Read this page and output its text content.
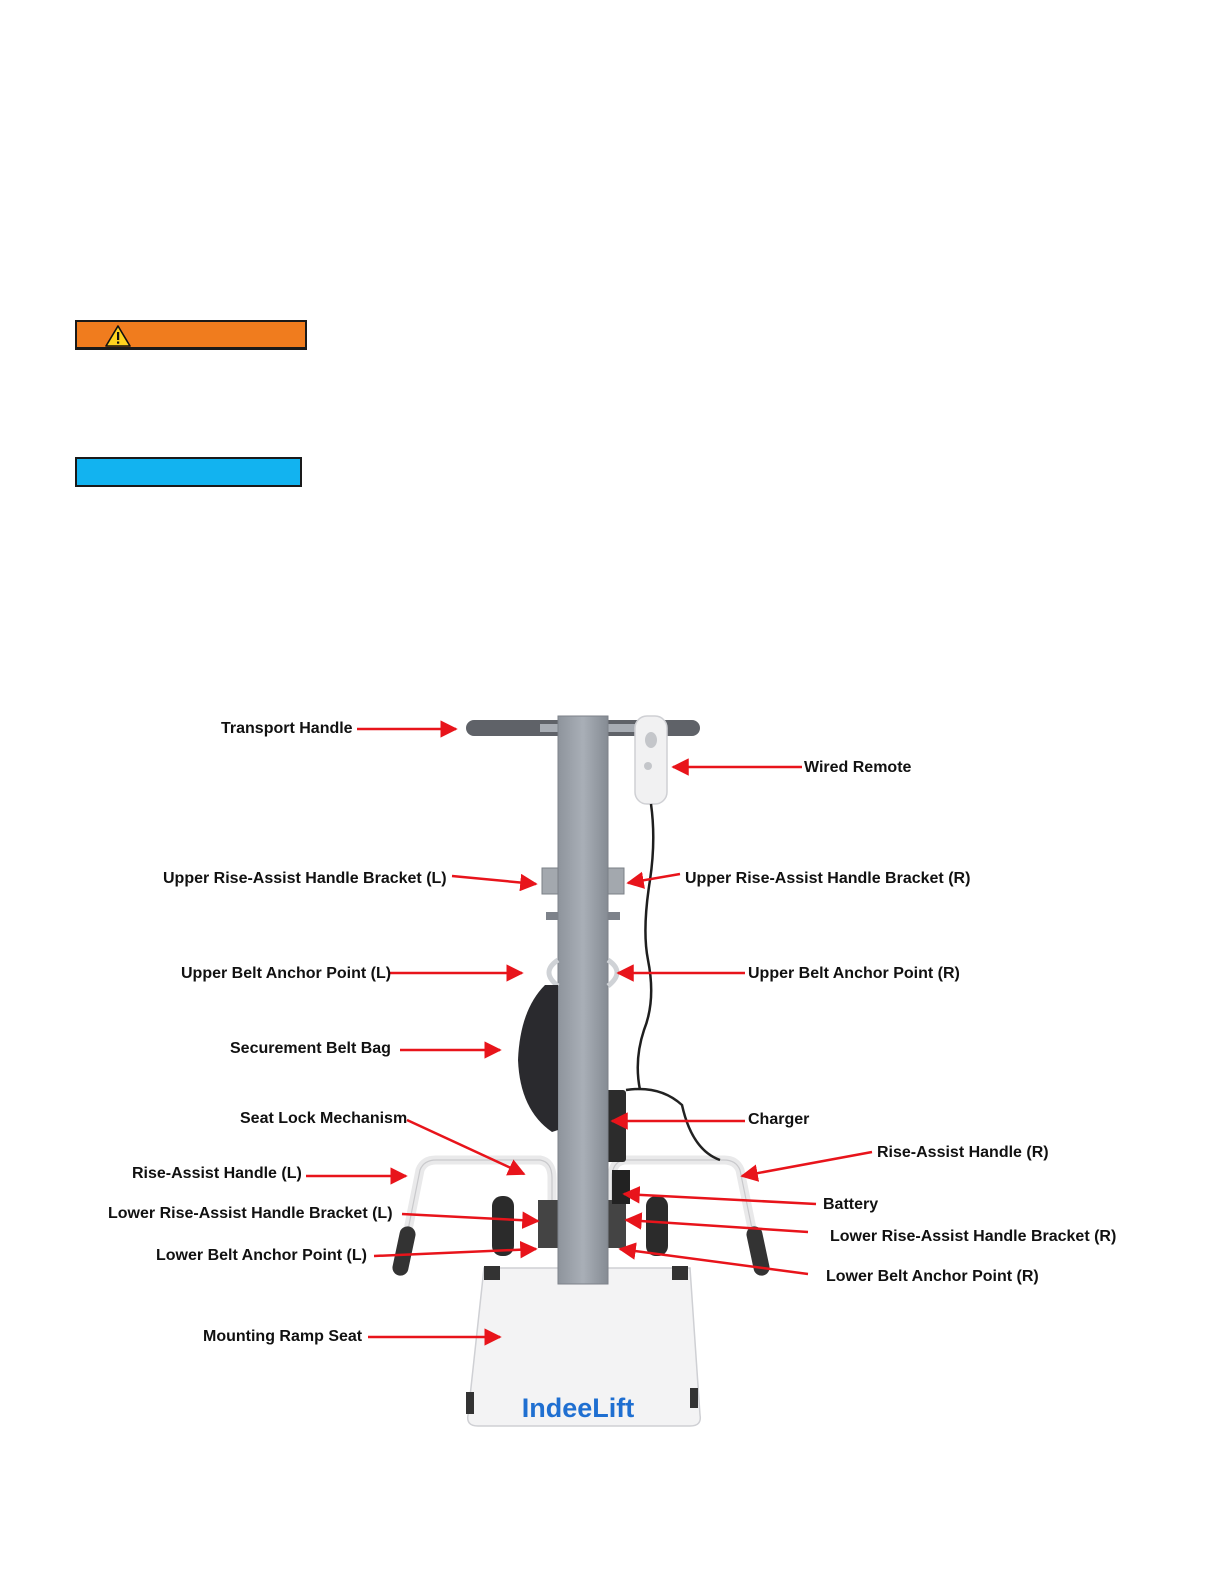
IndeeLift
Transport Handle
Wired Remote
Upper Rise-Assist Handle Bracket (L)	Upper Rise-Assist Handle Bracket (R)
Upper Belt Anchor Point (L)	Upper Belt Anchor Point (R)
Securement Belt Bag
Seat Lock Mechanism	Charger
Rise-Assist Handle (R)
Rise-Assist Handle (L)
Battery
Lower Rise-Assist Handle Bracket (L)
Lower Rise-Assist Handle Bracket (R)
Lower Belt Anchor Point (L)
Lower Belt Anchor Point (R)
Mounting Ramp Seat
